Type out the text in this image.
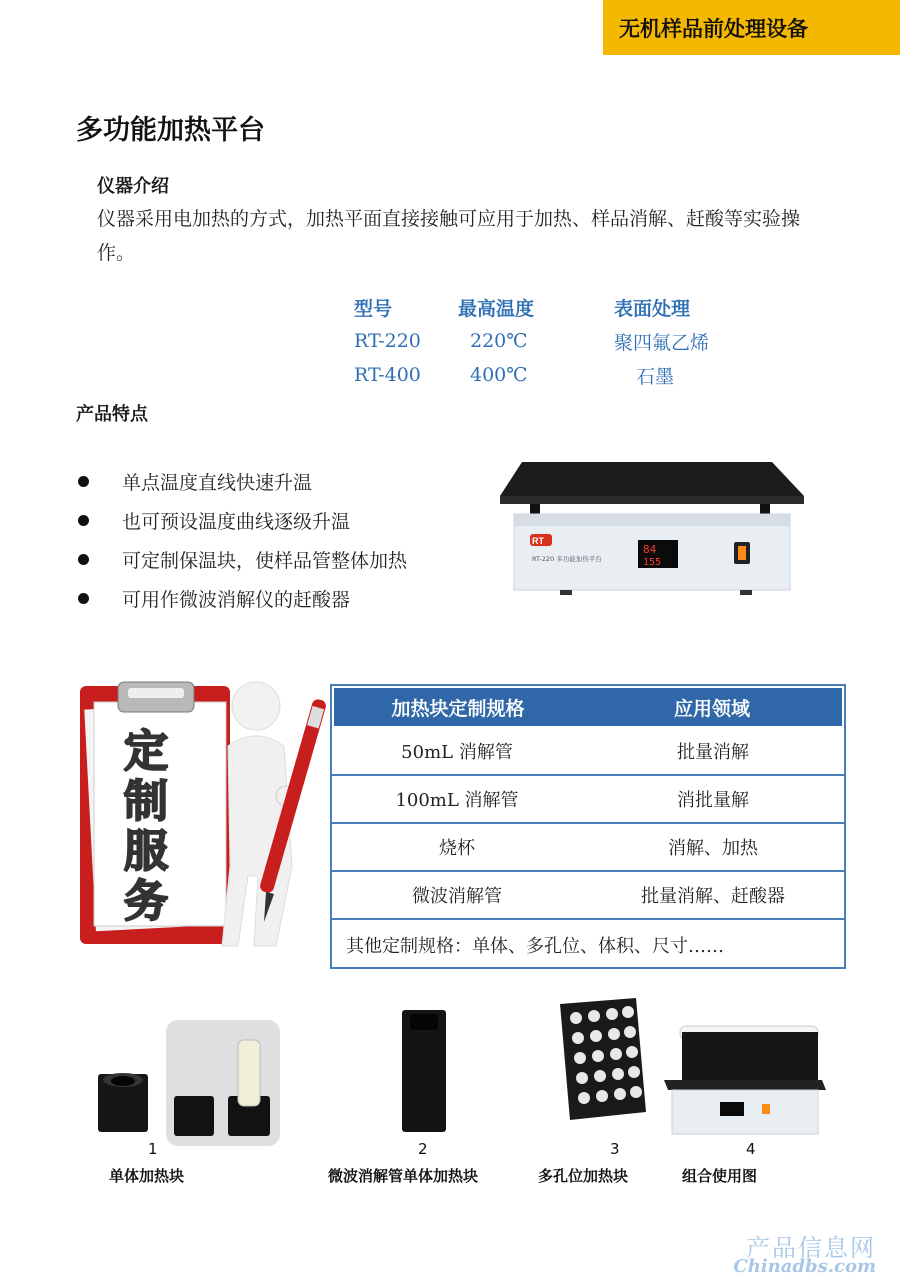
无机样品前处理设备
多功能加热平台
仪器介绍
仪器采用电加热的方式，加热平面直接接触可应用于加热、样品消解、赶酸等实验操作。
型号	最高温度	表面处理
RT-220	220℃	聚四氟乙烯
RT-400	400℃	石墨
产品特点
单点温度直线快速升温
也可预设温度曲线逐级升温
可定制保温块，使样品管整体加热
可用作微波消解仪的赶酸器
RT
RT-220 多功能加热平台
84
155
定
制
服
务
加热块定制规格	应用领域
50mL 消解管	批量消解
100mL 消解管	消批量解
烧杯	消解、加热
微波消解管	批量消解、赶酸器
其他定制规格：单体、多孔位、体积、尺寸……
1
单体加热块
2
微波消解管单体加热块
3
多孔位加热块
4
组合使用图
产品信息网
Chinadbs.com
